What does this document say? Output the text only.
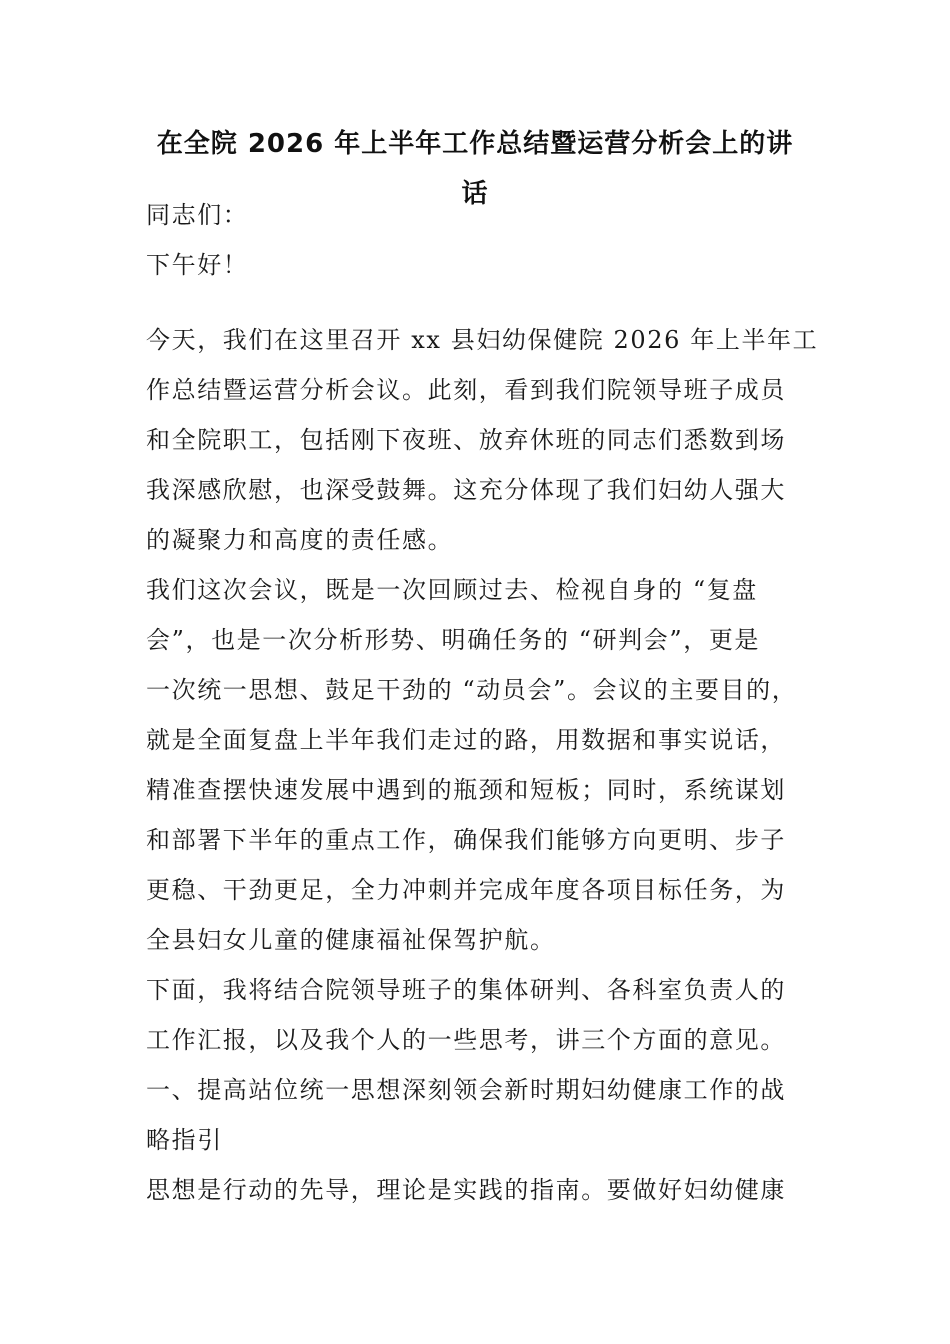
在全院 2026 年上半年工作总结暨运营分析会上的讲
话
同志们：
下午好！
今天，我们在这里召开 xx 县妇幼保健院 2026 年上半年工
作总结暨运营分析会议。此刻，看到我们院领导班子成员
和全院职工，包括刚下夜班、放弃休班的同志们悉数到场
我深感欣慰，也深受鼓舞。这充分体现了我们妇幼人强大
的凝聚力和高度的责任感。
我们这次会议，既是一次回顾过去、检视自身的 “复盘
会”，也是一次分析形势、明确任务的 “研判会”，更是
一次统一思想、鼓足干劲的 “动员会”。会议的主要目的，
就是全面复盘上半年我们走过的路，用数据和事实说话，
精准查摆快速发展中遇到的瓶颈和短板；同时，系统谋划
和部署下半年的重点工作，确保我们能够方向更明、步子
更稳、干劲更足，全力冲刺并完成年度各项目标任务，为
全县妇女儿童的健康福祉保驾护航。
下面，我将结合院领导班子的集体研判、各科室负责人的
工作汇报，以及我个人的一些思考，讲三个方面的意见。
一、提高站位统一思想深刻领会新时期妇幼健康工作的战
略指引
思想是行动的先导，理论是实践的指南。要做好妇幼健康
